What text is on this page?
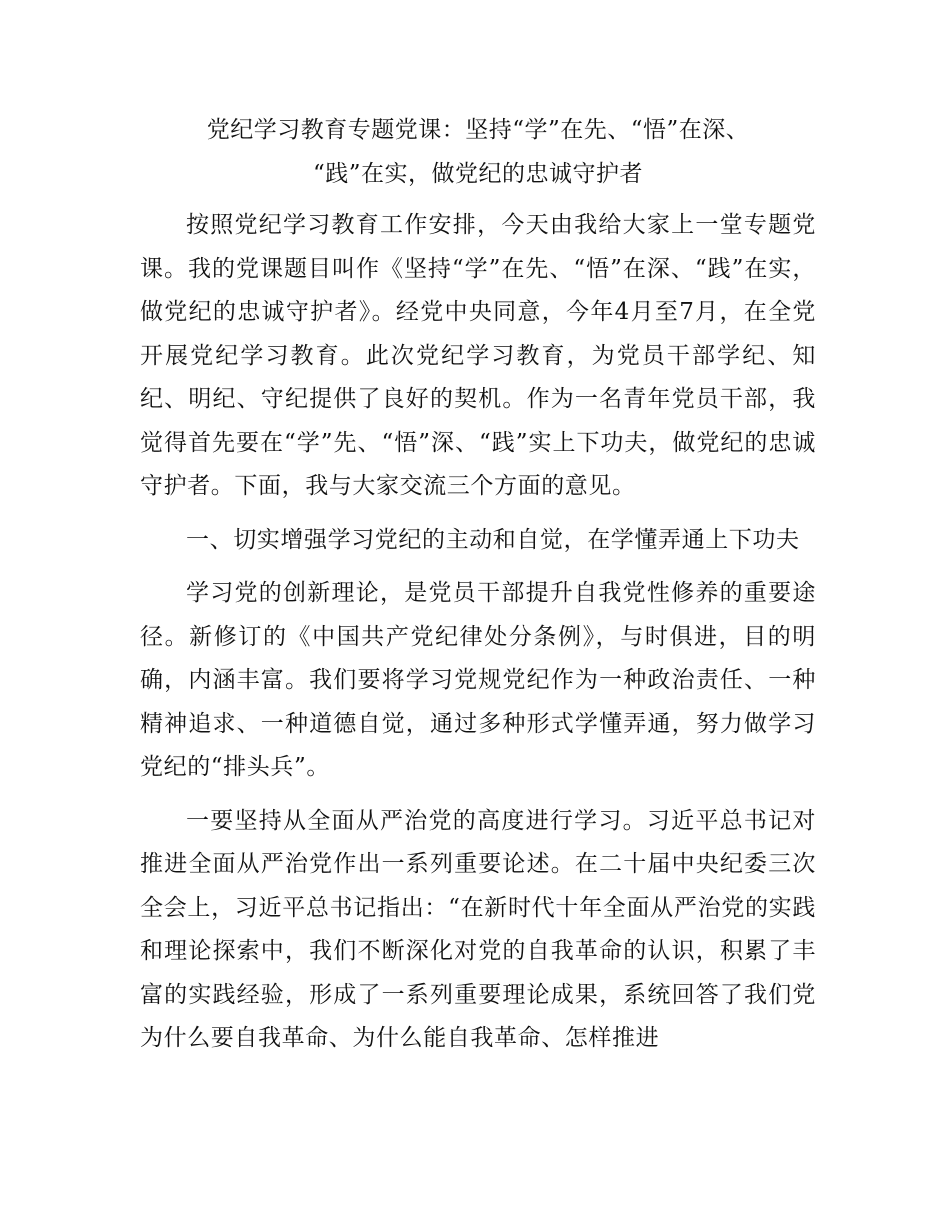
党纪学习教育专题党课：坚持“学”在先、“悟”在深、
“践”在实，做党纪的忠诚守护者

按照党纪学习教育工作安排，今天由我给大家上一堂专题党课。我的党课题目叫作《坚持“学”在先、“悟”在深、“践”在实，做党纪的忠诚守护者》。经党中央同意，今年4月至7月，在全党开展党纪学习教育。此次党纪学习教育，为党员干部学纪、知纪、明纪、守纪提供了良好的契机。作为一名青年党员干部，我觉得首先要在“学”先、“悟”深、“践”实上下功夫，做党纪的忠诚守护者。下面，我与大家交流三个方面的意见。

一、切实增强学习党纪的主动和自觉，在学懂弄通上下功夫

学习党的创新理论，是党员干部提升自我党性修养的重要途径。新修订的《中国共产党纪律处分条例》，与时俱进，目的明确，内涵丰富。我们要将学习党规党纪作为一种政治责任、一种精神追求、一种道德自觉，通过多种形式学懂弄通，努力做学习党纪的“排头兵”。

一要坚持从全面从严治党的高度进行学习。习近平总书记对推进全面从严治党作出一系列重要论述。在二十届中央纪委三次全会上，习近平总书记指出：“在新时代十年全面从严治党的实践和理论探索中，我们不断深化对党的自我革命的认识，积累了丰富的实践经验，形成了一系列重要理论成果，系统回答了我们党为什么要自我革命、为什么能自我革命、怎样推进
